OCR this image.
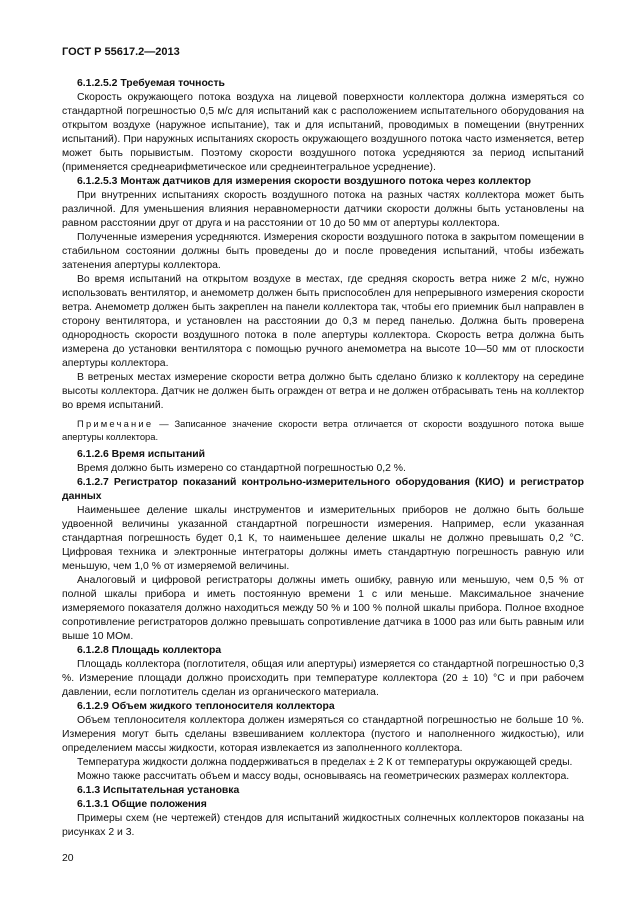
ГОСТ Р 55617.2—2013

6.1.2.5.2 Требуемая точность

Скорость окружающего потока воздуха на лицевой поверхности коллектора должна измеряться со стандартной погрешностью 0,5 м/с для испытаний как с расположением испытательного оборудования на открытом воздухе (наружное испытание), так и для испытаний, проводимых в помещении (внутренних испытаний). При наружных испытаниях скорость окружающего воздушного потока часто изменяется, ветер может быть порывистым. Поэтому скорости воздушного потока усредняются за период испытаний (применяется среднеарифметическое или среднеинтегральное усреднение).

6.1.2.5.3 Монтаж датчиков для измерения скорости воздушного потока через коллектор

При внутренних испытаниях скорость воздушного потока на разных частях коллектора может быть различной. Для уменьшения влияния неравномерности датчики скорости должны быть установлены на равном расстоянии друг от друга и на расстоянии от 10 до 50 мм от апертуры коллектора.

Полученные измерения усредняются. Измерения скорости воздушного потока в закрытом помещении в стабильном состоянии должны быть проведены до и после проведения испытаний, чтобы избежать затенения апертуры коллектора.

Во время испытаний на открытом воздухе в местах, где средняя скорость ветра ниже 2 м/с, нужно использовать вентилятор, и анемометр должен быть приспособлен для непрерывного измерения скорости ветра. Анемометр должен быть закреплен на панели коллектора так, чтобы его приемник был направлен в сторону вентилятора, и установлен на расстоянии до 0,3 м перед панелью. Должна быть проверена однородность скорости воздушного потока в поле апертуры коллектора. Скорость ветра должна быть измерена до установки вентилятора с помощью ручного анемометра на высоте 10—50 мм от плоскости апертуры коллектора.

В ветреных местах измерение скорости ветра должно быть сделано близко к коллектору на середине высоты коллектора. Датчик не должен быть огражден от ветра и не должен отбрасывать тень на коллектор во время испытаний.

Примечание — Записанное значение скорости ветра отличается от скорости воздушного потока выше апертуры коллектора.

6.1.2.6 Время испытаний

Время должно быть измерено со стандартной погрешностью 0,2 %.

6.1.2.7 Регистратор показаний контрольно-измерительного оборудования (КИО) и регистратор данных

Наименьшее деление шкалы инструментов и измерительных приборов не должно быть больше удвоенной величины указанной стандартной погрешности измерения. Например, если указанная стандартная погрешность будет 0,1 К, то наименьшее деление шкалы не должно превышать 0,2 °С. Цифровая техника и электронные интеграторы должны иметь стандартную погрешность равную или меньшую, чем 1,0 % от измеряемой величины.

Аналоговый и цифровой регистраторы должны иметь ошибку, равную или меньшую, чем 0,5 % от полной шкалы прибора и иметь постоянную времени 1 с или меньше. Максимальное значение измеряемого показателя должно находиться между 50 % и 100 % полной шкалы прибора. Полное входное сопротивление регистраторов должно превышать сопротивление датчика в 1000 раз или быть равным или выше 10 МОм.

6.1.2.8 Площадь коллектора

Площадь коллектора (поглотителя, общая или апертуры) измеряется со стандартной погрешностью 0,3 %. Измерение площади должно происходить при температуре коллектора (20 ± 10) °С и при рабочем давлении, если поглотитель сделан из органического материала.

6.1.2.9 Объем жидкого теплоносителя коллектора

Объем теплоносителя коллектора должен измеряться со стандартной погрешностью не больше 10 %. Измерения могут быть сделаны взвешиванием коллектора (пустого и наполненного жидкостью), или определением массы жидкости, которая извлекается из заполненного коллектора.

Температура жидкости должна поддерживаться в пределах ± 2 К от температуры окружающей среды.

Можно также рассчитать объем и массу воды, основываясь на геометрических размерах коллектора.

6.1.3 Испытательная установка

6.1.3.1 Общие положения

Примеры схем (не чертежей) стендов для испытаний жидкостных солнечных коллекторов показаны на рисунках 2 и 3.

20
